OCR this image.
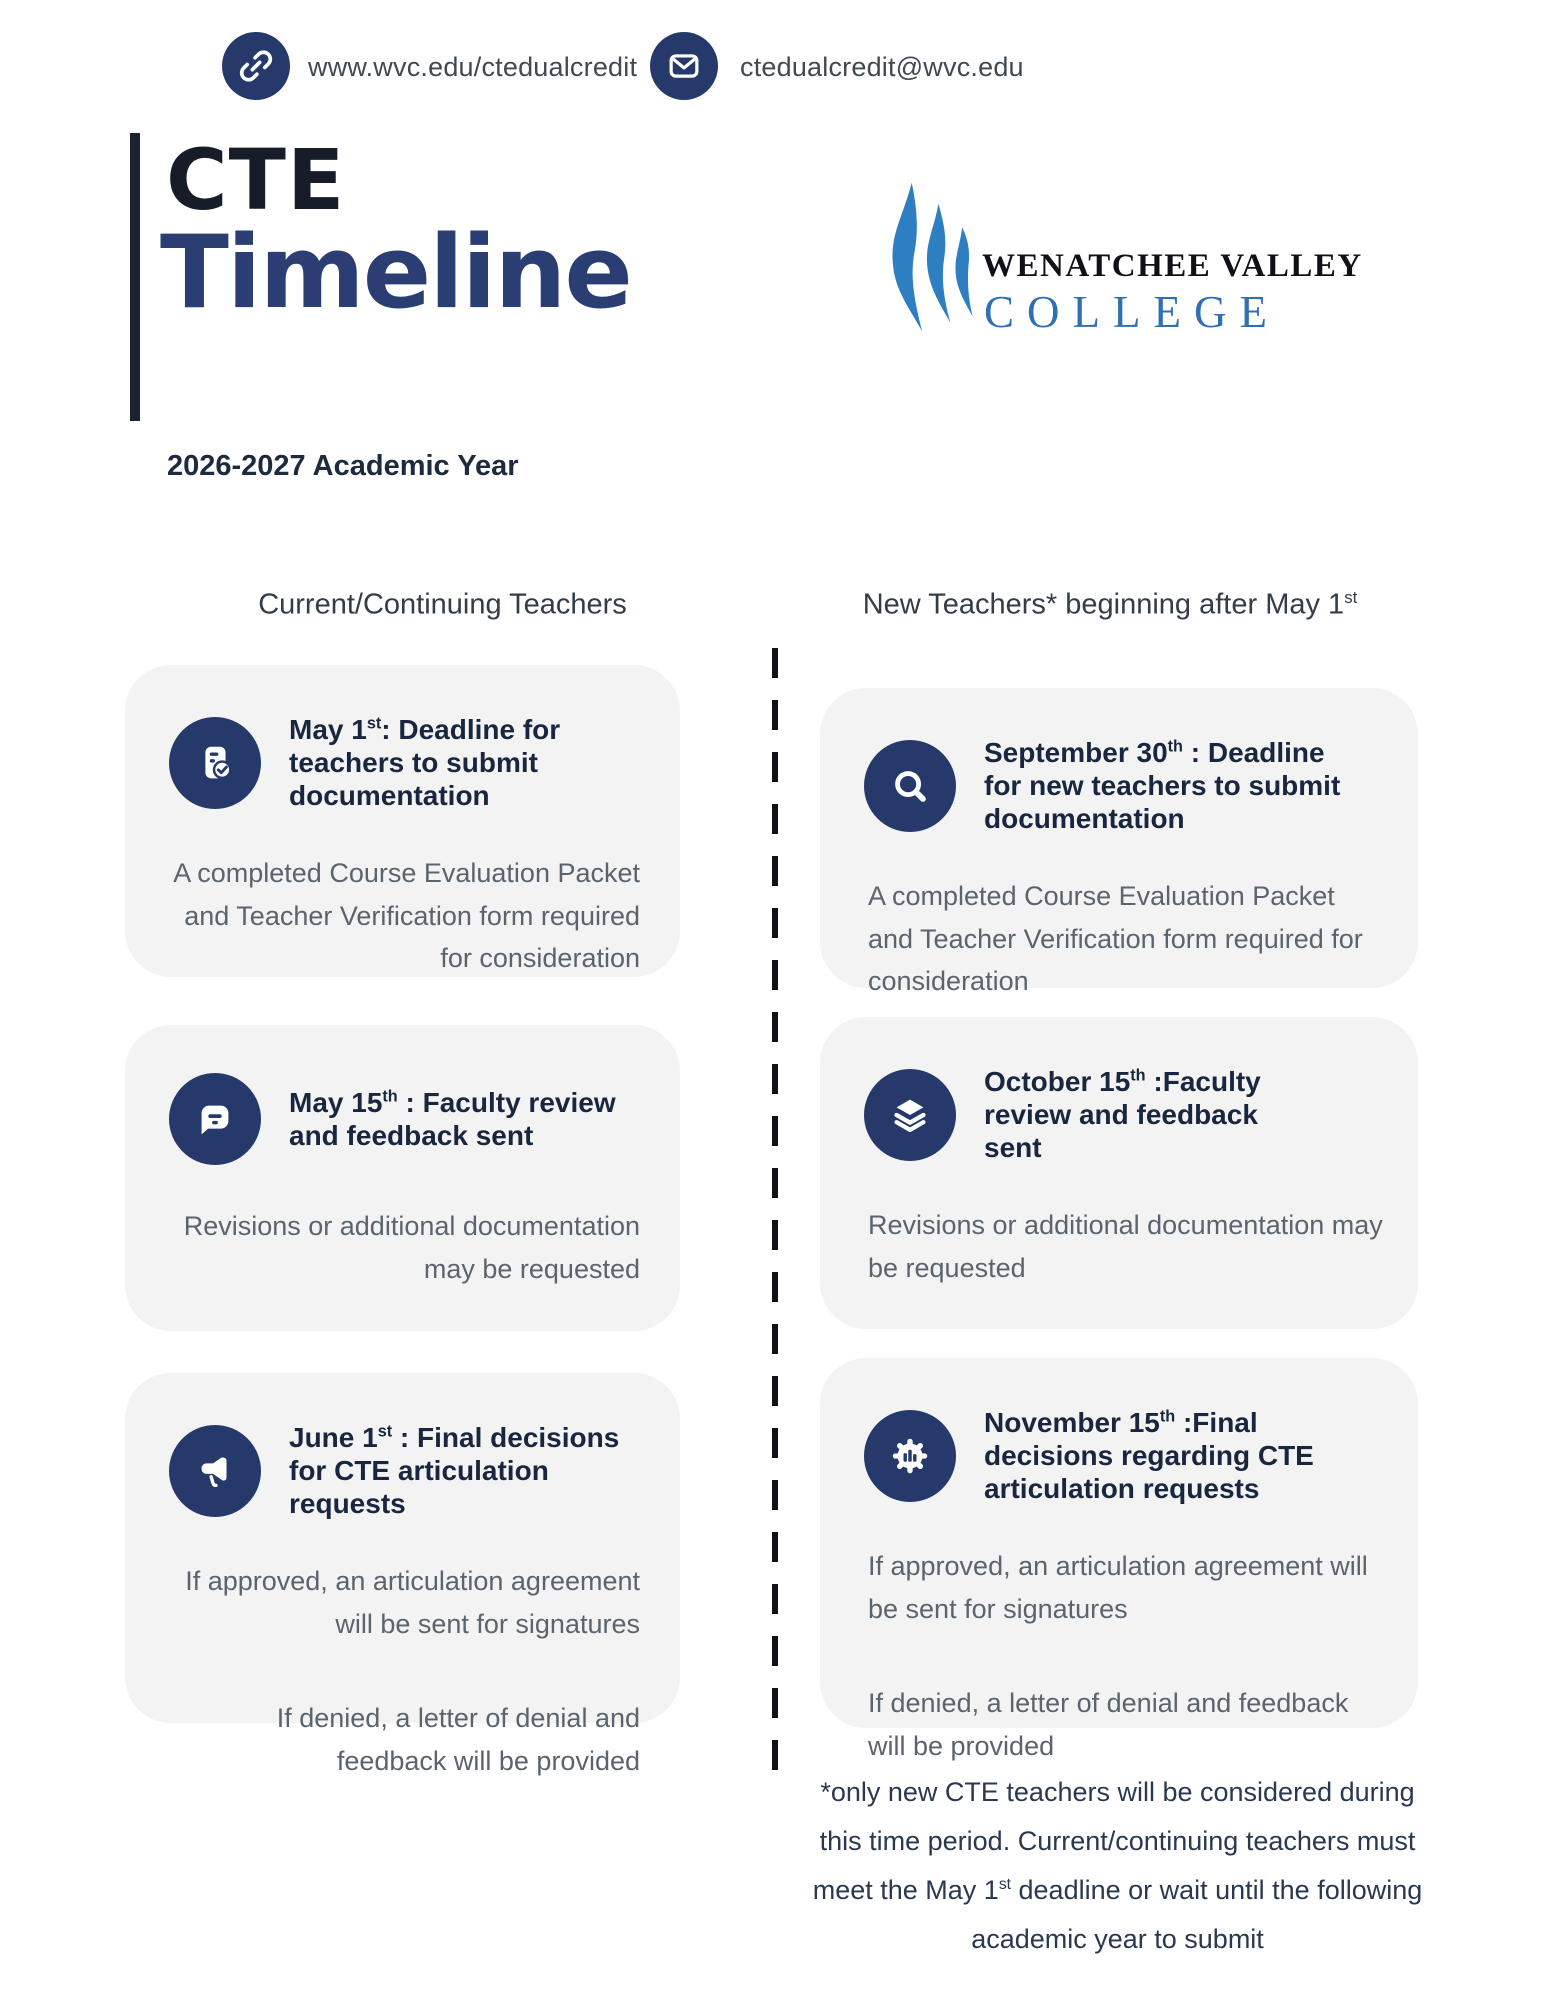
www.wvc.edu/ctedualcredit	ctedualcredit@wvc.edu
CTE
Timeline
2026-2027 Academic Year
WENATCHEE VALLEY
COLLEGE
Current/Continuing Teachers	New Teachers* beginning after May 1st
May 1st: Deadline for teachers to submit documentation

A completed Course Evaluation Packet and Teacher Verification form required for consideration

May 15th : Faculty review and feedback sent

Revisions or additional documentation may be requested

June 1st : Final decisions for CTE articulation requests

If approved, an articulation agreement will be sent for signatures

If denied, a letter of denial and feedback will be provided

September 30th : Deadline for new teachers to submit documentation

A completed Course Evaluation Packet and Teacher Verification form required for consideration

October 15th :Faculty review and feedback sent

Revisions or additional documentation may be requested

November 15th :Final decisions regarding CTE articulation requests

If approved, an articulation agreement will be sent for signatures

If denied, a letter of denial and feedback will be provided

*only new CTE teachers will be considered during this time period. Current/continuing teachers must meet the May 1st deadline or wait until the following academic year to submit
